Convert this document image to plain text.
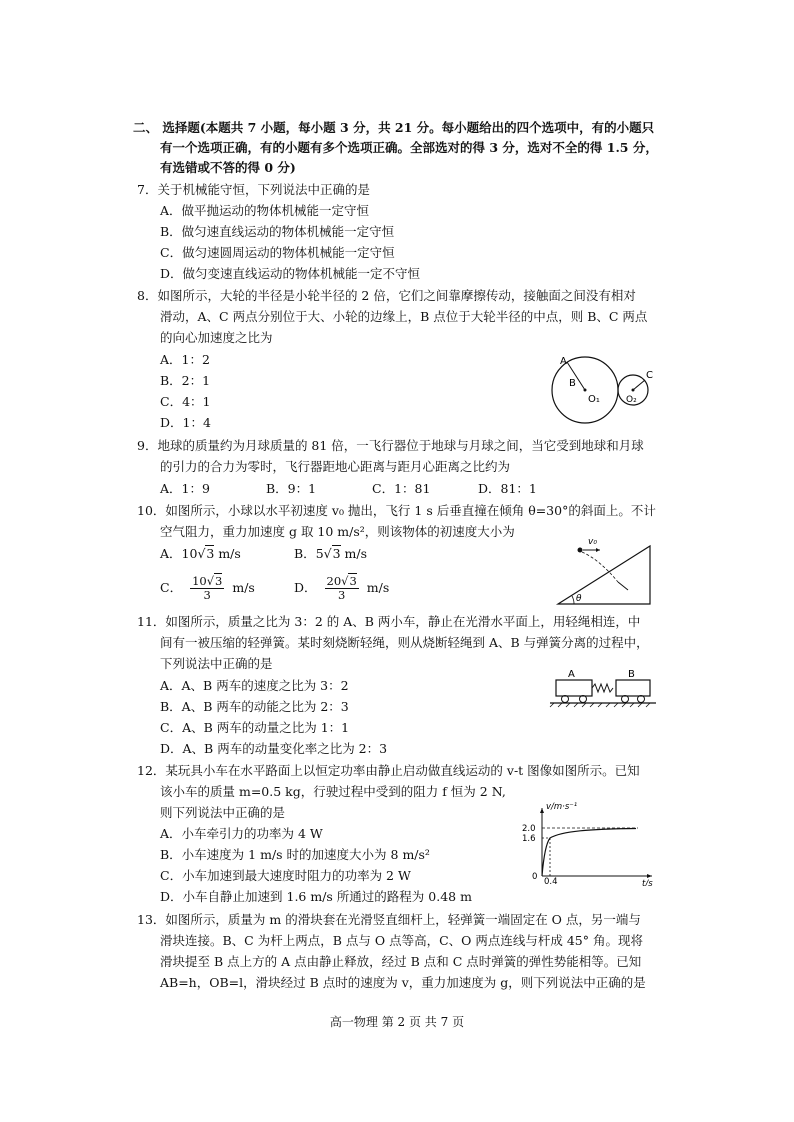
二、 选择题(本题共 7 小题，每小题 3 分，共 21 分。每小题给出的四个选项中，有的小题只
有一个选项正确，有的小题有多个选项正确。全部选对的得 3 分，选对不全的得 1.5 分，
有选错或不答的得 0 分)
7．关于机械能守恒，下列说法中正确的是
A．做平抛运动的物体机械能一定守恒
B．做匀速直线运动的物体机械能一定守恒
C．做匀速圆周运动的物体机械能一定守恒
D．做匀变速直线运动的物体机械能一定不守恒
8．如图所示，大轮的半径是小轮半径的 2 倍，它们之间靠摩擦传动，接触面之间没有相对
滑动，A、C 两点分别位于大、小轮的边缘上，B 点位于大轮半径的中点，则 B、C 两点
的向心加速度之比为
A．1：2
B．2：1
C．4：1
D．1：4
A
B
O₁	O₂
C
9．地球的质量约为月球质量的 81 倍，一飞行器位于地球与月球之间，当它受到地球和月球
的引力的合力为零时，飞行器距地心距离与距月心距离之比约为
A．1：9	B．9：1	C．1：81	D．81：1
10．如图所示，小球以水平初速度 v₀ 抛出，飞行 1 s 后垂直撞在倾角 θ=30°的斜面上。不计
空气阻力，重力加速度 g 取 10 m/s²，则该物体的初速度大小为
A．10√3 m/s	B．5√3 m/s
C． $\frac{10√3}{3} m/s$	D． $\frac{20√3}{3} m/s$
v₀
θ
11．如图所示，质量之比为 3：2 的 A、B 两小车，静止在光滑水平面上，用轻绳相连，中
间有一被压缩的轻弹簧。某时刻烧断轻绳，则从烧断轻绳到 A、B 与弹簧分离的过程中，
下列说法中正确的是
A．A、B 两车的速度之比为 3：2
B．A、B 两车的动能之比为 2：3
C．A、B 两车的动量之比为 1：1
D．A、B 两车的动量变化率之比为 2：3
A	B
12．某玩具小车在水平路面上以恒定功率由静止启动做直线运动的 v-t 图像如图所示。已知
该小车的质量 m=0.5 kg，行驶过程中受到的阻力 f 恒为 2 N,
则下列说法中正确的是
A．小车牵引力的功率为 4 W
B．小车速度为 1 m/s 时的加速度大小为 8 m/s²
C．小车加速到最大速度时阻力的功率为 2 W
D．小车自静止加速到 1.6 m/s 所通过的路程为 0.48 m
v/m·s⁻¹
2.0
1.6
0 0.4	t/s
13．如图所示，质量为 m 的滑块套在光滑竖直细杆上，轻弹簧一端固定在 O 点，另一端与
滑块连接。B、C 为杆上两点，B 点与 O 点等高，C、O 两点连线与杆成 45° 角。现将
滑块提至 B 点上方的 A 点由静止释放，经过 B 点和 C 点时弹簧的弹性势能相等。已知
AB=h，OB=l，滑块经过 B 点时的速度为 v，重力加速度为 g，则下列说法中正确的是
高一物理 第 2 页 共 7 页
